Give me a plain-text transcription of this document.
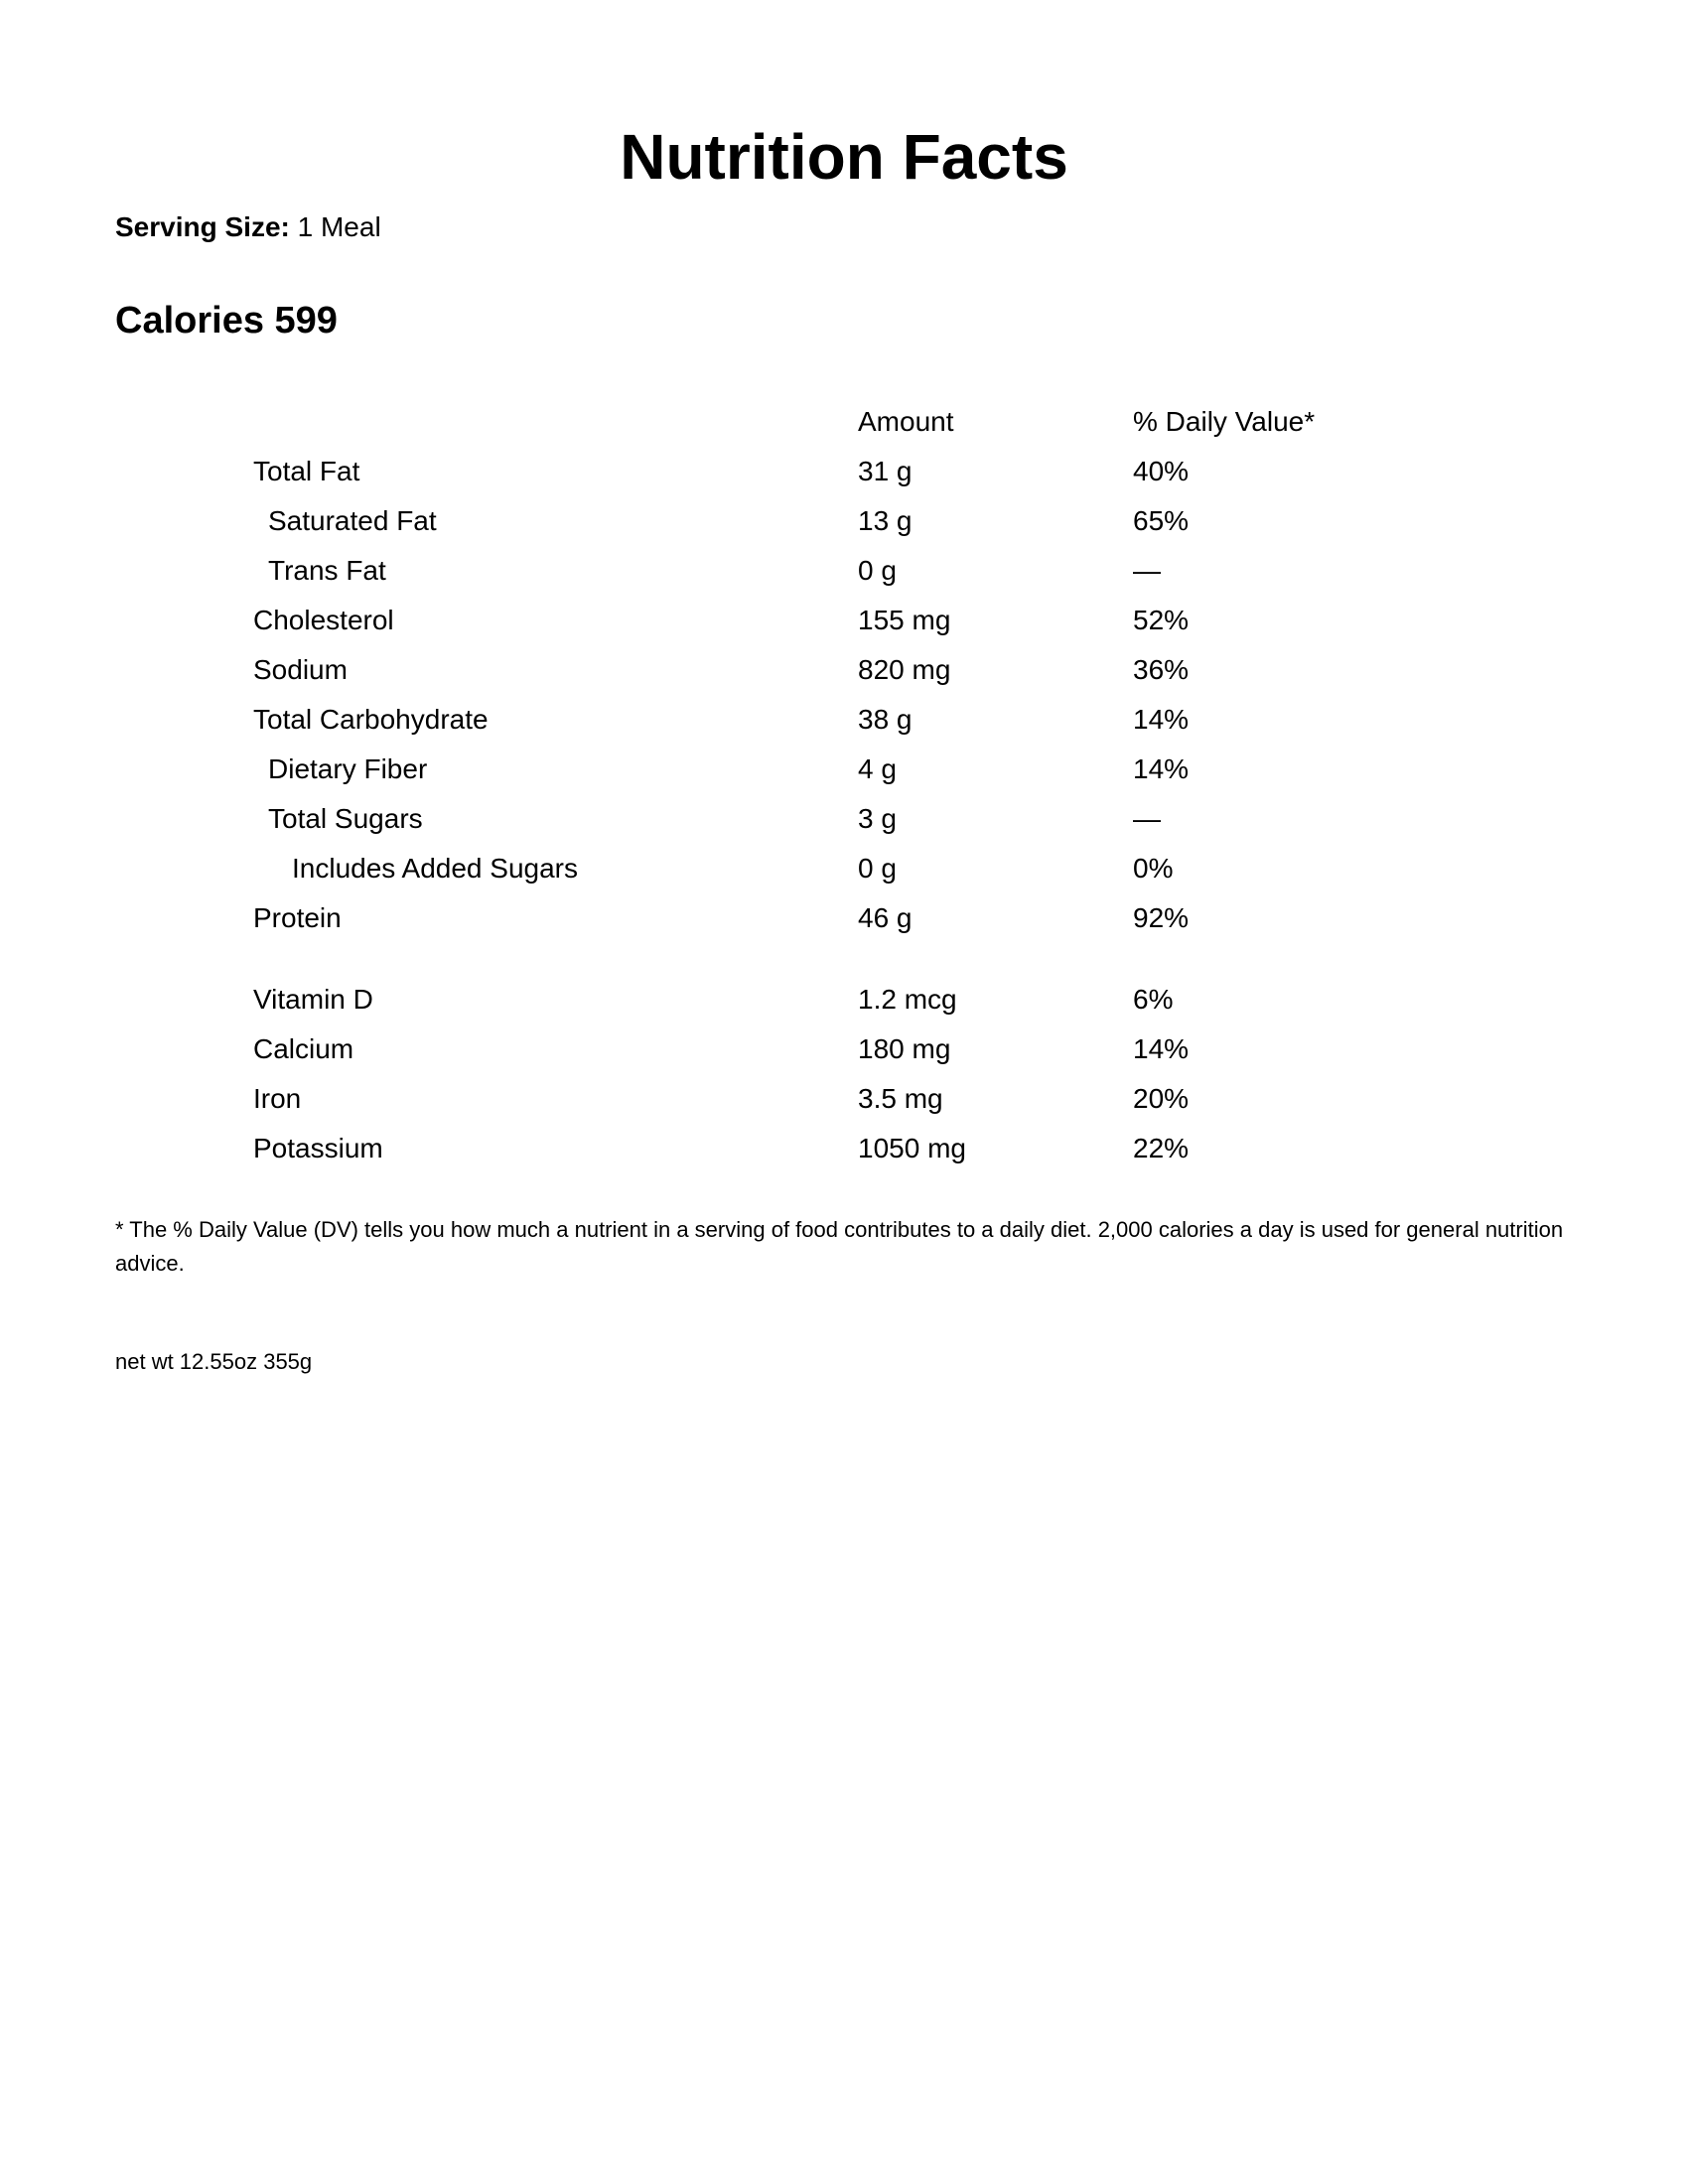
Nutrition Facts
Serving Size: 1 Meal
Calories 599
Amount	% Daily Value*
Total Fat	31 g	40%
Saturated Fat	13 g	65%
Trans Fat	0 g	—
Cholesterol	155 mg	52%
Sodium	820 mg	36%
Total Carbohydrate	38 g	14%
Dietary Fiber	4 g	14%
Total Sugars	3 g	—
Includes Added Sugars	0 g	0%
Protein	46 g	92%
Vitamin D	1.2 mcg	6%
Calcium	180 mg	14%
Iron	3.5 mg	20%
Potassium	1050 mg	22%
* The % Daily Value (DV) tells you how much a nutrient in a serving of food contributes to a daily diet. 2,000 calories a day is used for general nutrition advice.
net wt 12.55oz 355g
